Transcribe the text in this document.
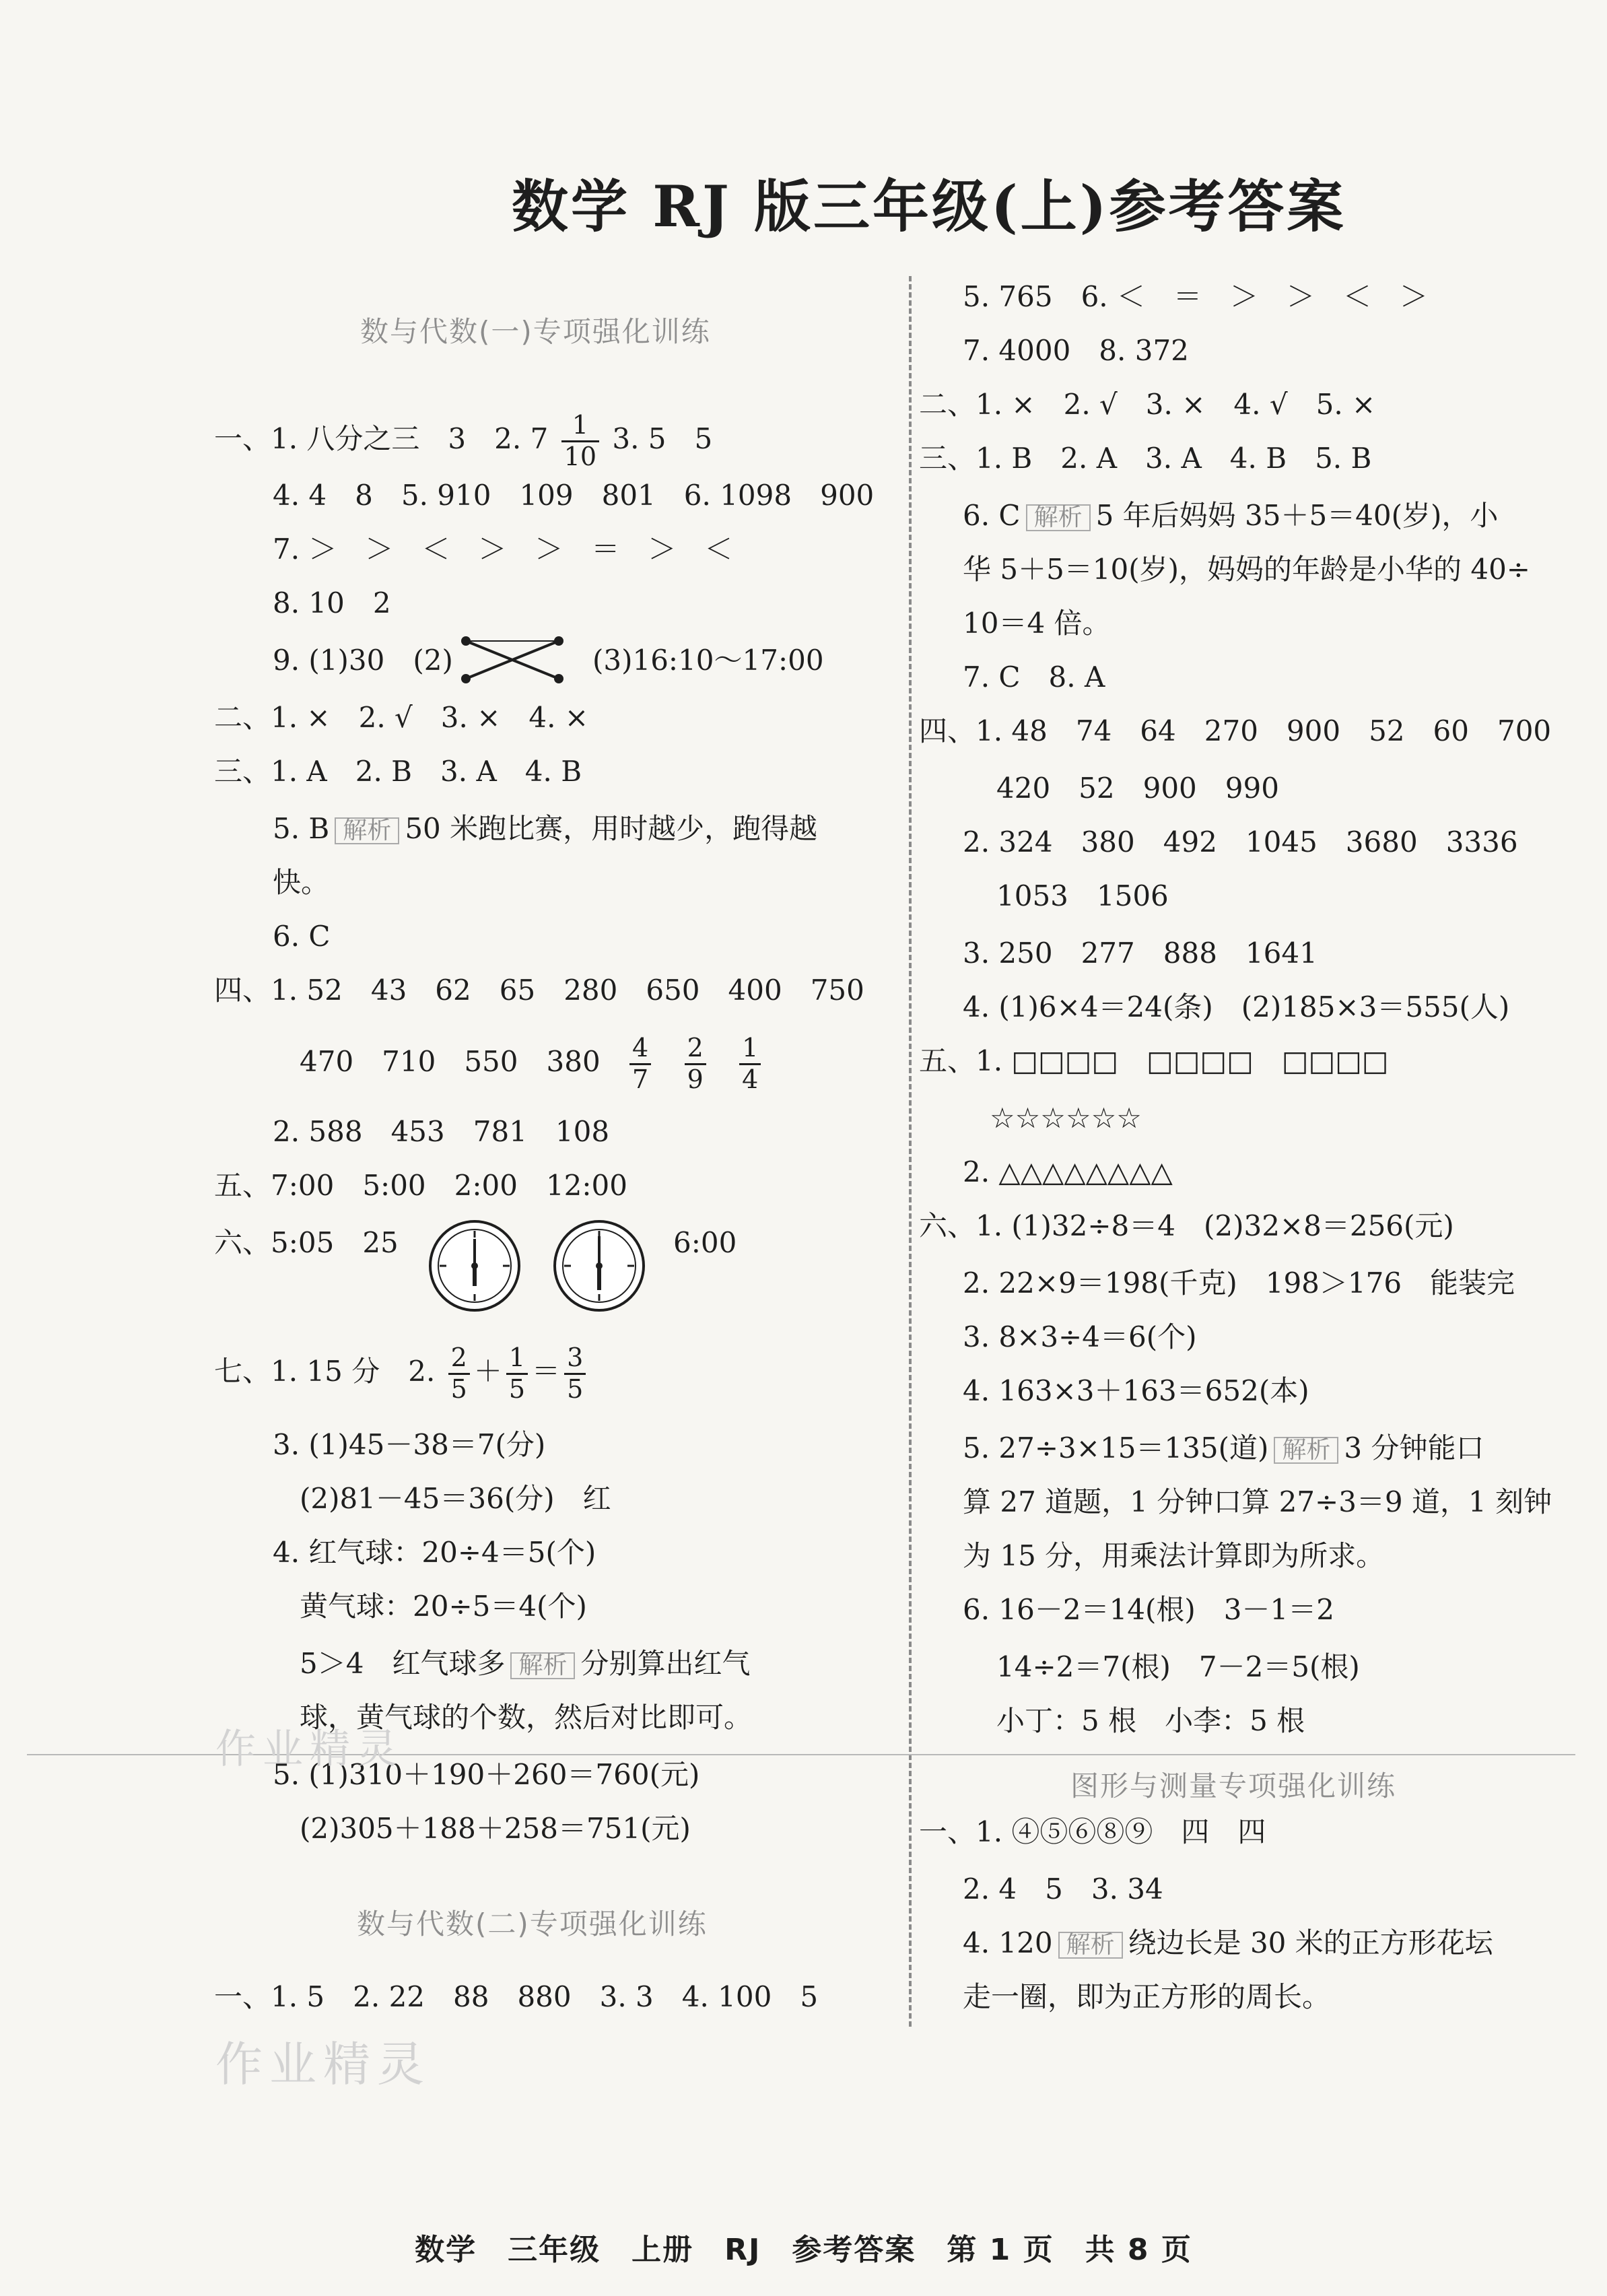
数学 RJ 版三年级(上)参考答案
数与代数(一)专项强化训练
一、1. 八分之三　3　2. $7 \frac{1}{10} 3$. 5　5
4. 4　8　5. 910　109　801　6. 1098　900
7. ＞　＞　＜　＞　＞　＝　＞　＜
8. 10　2
9. (1)30　(2)	(3)16:10～17:00
二、1. ×　2. √　3. ×　4. ×
三、1. A　2. B　3. A　4. B
5. B 解析 50 米跑比赛，用时越少，跑得越
快。
6. C
四、1. 52　43　62　65　280　650　400　750
470　710　550　$380 \frac{4}{7}$
$\frac{2}{9}$
$\frac{1}{4}$
2. 588　453　781　108
五、7:00　5:00　2:00　12:00
六、5:05　25	6:00
七、1. 15 分　2. $\frac{2}{5} + \frac{1}{5} = \frac{3}{5}$
3. (1)45－38＝7(分)
(2)81－45＝36(分)　红
4. 红气球：20÷4＝5(个)
黄气球：20÷5＝4(个)
5＞4　红气球多 解析 分别算出红气
球，黄气球的个数，然后对比即可。
5. (1)310＋190＋260＝760(元)
(2)305＋188＋258＝751(元)
数与代数(二)专项强化训练
一、1. 5　2. 22　88　880　3. 3　4. 100　5
5. 765　6. ＜　＝　＞　＞　＜　＞
7. 4000　8. 372
二、1. ×　2. √　3. ×　4. √　5. ×
三、1. B　2. A　3. A　4. B　5. B
6. C 解析 5 年后妈妈 35＋5＝40(岁)，小
华 5＋5＝10(岁)，妈妈的年龄是小华的 40÷
10＝4 倍。
7. C　8. A
四、1. 48　74　64　270　900　52　60　700
420　52　900　990
2. 324　380　492　1045　3680　3336
1053　1506
3. 250　277　888　1641
4. (1)6×4＝24(条)　(2)185×3＝555(人)
五、1. □□□□　□□□□　□□□□
☆☆☆☆☆☆
2. △△△△△△△△
六、1. (1)32÷8＝4　(2)32×8＝256(元)
2. 22×9＝198(千克)　198＞176　能装完
3. 8×3÷4＝6(个)
4. 163×3＋163＝652(本)
5. 27÷3×15＝135(道) 解析 3 分钟能口
算 27 道题，1 分钟口算 27÷3＝9 道，1 刻钟
为 15 分，用乘法计算即为所求。
6. 16－2＝14(根)　3－1＝2
14÷2＝7(根)　7－2＝5(根)
小丁：5 根　小李：5 根
图形与测量专项强化训练
一、1. ④⑤⑥⑧⑨　四　四
2. 4　5　3. 34
4. 120 解析 绕边长是 30 米的正方形花坛
走一圈，即为正方形的周长。
作业精灵
作业精灵
数学　三年级　上册　RJ　参考答案　第 1 页　共 8 页
